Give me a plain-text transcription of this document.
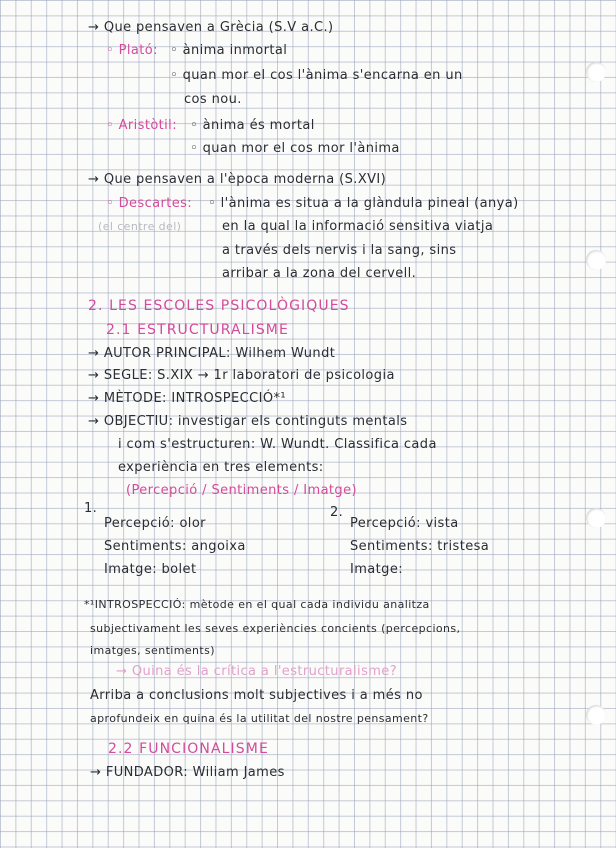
→ Que pensaven a Grècia (S.V a.C.)
◦ Plató: ◦ ànima inmortal
◦ quan mor el cos l'ànima s'encarna en un
cos nou.
◦ Aristòtil: ◦ ànima és mortal
◦ quan mor el cos mor l'ànima
→ Que pensaven a l'època moderna (S.XVI)
◦ Descartes: ◦ l'ànima es situa a la glàndula pineal (anya)
(el centre del)	en la qual la informació sensitiva viatja
a través dels nervis i la sang, sins
arribar a la zona del cervell.
2. LES ESCOLES PSICOLÒGIQUES
2.1 ESTRUCTURALISME
→ AUTOR PRINCIPAL: Wilhem Wundt
→ SEGLE: S.XIX → 1r laboratori de psicologia
→ MÈTODE: INTROSPECCIÓ*¹
→ OBJECTIU: investigar els continguts mentals
i com s'estructuren: W. Wundt. Classifica cada
experiència en tres elements:
(Percepció / Sentiments / Imatge)
1.
Percepció: olor
Sentiments: angoixa
Imatge: bolet
2.
Percepció: vista
Sentiments: tristesa
Imatge:
*¹INTROSPECCIÓ: mètode en el qual cada individu analitza
subjectivament les seves experiències concients (percepcions,
imatges, sentiments)
→ Quina és la crítica a l'estructuralisme?
Arriba a conclusions molt subjectives i a més no
aprofundeix en quina és la utilitat del nostre pensament?
2.2 FUNCIONALISME
→ FUNDADOR: Wiliam James
